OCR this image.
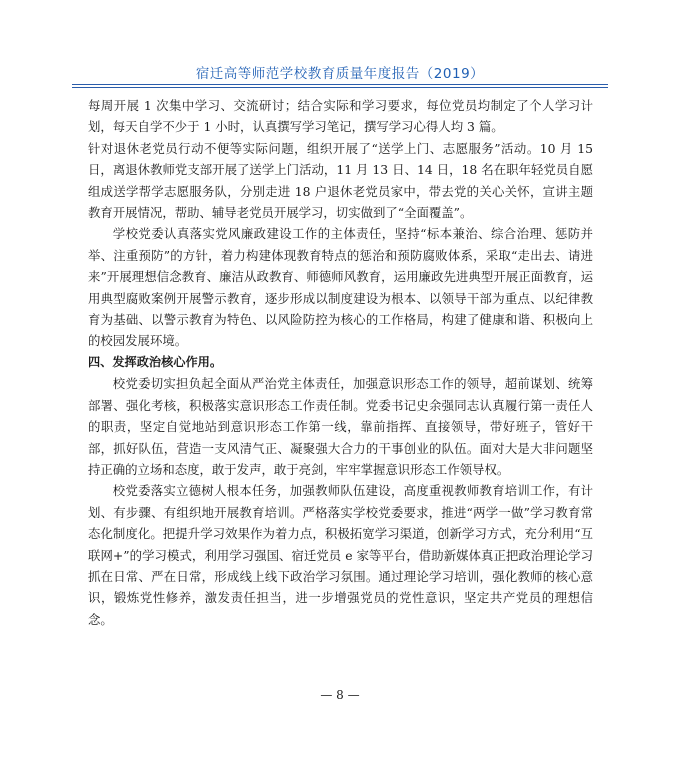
宿迁高等师范学校教育质量年度报告（2019）

每周开展 1 次集中学习、交流研讨；结合实际和学习要求，每位党员均制定了个人学习计划，每天自学不少于 1 小时，认真撰写学习笔记，撰写学习心得人均 3 篇。

针对退休老党员行动不便等实际问题，组织开展了“送学上门、志愿服务”活动。10 月 15 日，离退休教师党支部开展了送学上门活动，11 月 13 日、14 日，18 名在职年轻党员自愿组成送学帮学志愿服务队，分别走进 18 户退休老党员家中，带去党的关心关怀，宣讲主题教育开展情况，帮助、辅导老党员开展学习，切实做到了“全面覆盖”。

学校党委认真落实党风廉政建设工作的主体责任，坚持“标本兼治、综合治理、惩防并举、注重预防”的方针，着力构建体现教育特点的惩治和预防腐败体系，采取“走出去、请进来”开展理想信念教育、廉洁从政教育、师德师风教育，运用廉政先进典型开展正面教育，运用典型腐败案例开展警示教育，逐步形成以制度建设为根本、以领导干部为重点、以纪律教育为基础、以警示教育为特色、以风险防控为核心的工作格局，构建了健康和谐、积极向上的校园发展环境。

四、发挥政治核心作用。

校党委切实担负起全面从严治党主体责任，加强意识形态工作的领导，超前谋划、统筹部署、强化考核，积极落实意识形态工作责任制。党委书记史余强同志认真履行第一责任人的职责，坚定自觉地站到意识形态工作第一线，靠前指挥、直接领导，带好班子，管好干部，抓好队伍，营造一支风清气正、凝聚强大合力的干事创业的队伍。面对大是大非问题坚持正确的立场和态度，敢于发声，敢于亮剑，牢牢掌握意识形态工作领导权。

校党委落实立德树人根本任务，加强教师队伍建设，高度重视教师教育培训工作，有计划、有步骤、有组织地开展教育培训。严格落实学校党委要求，推进“两学一做”学习教育常态化制度化。把提升学习效果作为着力点，积极拓宽学习渠道，创新学习方式，充分利用“互联网+”的学习模式，利用学习强国、宿迁党员 e 家等平台，借助新媒体真正把政治理论学习抓在日常、严在日常，形成线上线下政治学习氛围。通过理论学习培训，强化教师的核心意识，锻炼党性修养，激发责任担当，进一步增强党员的党性意识，坚定共产党员的理想信念。

— 8 —
